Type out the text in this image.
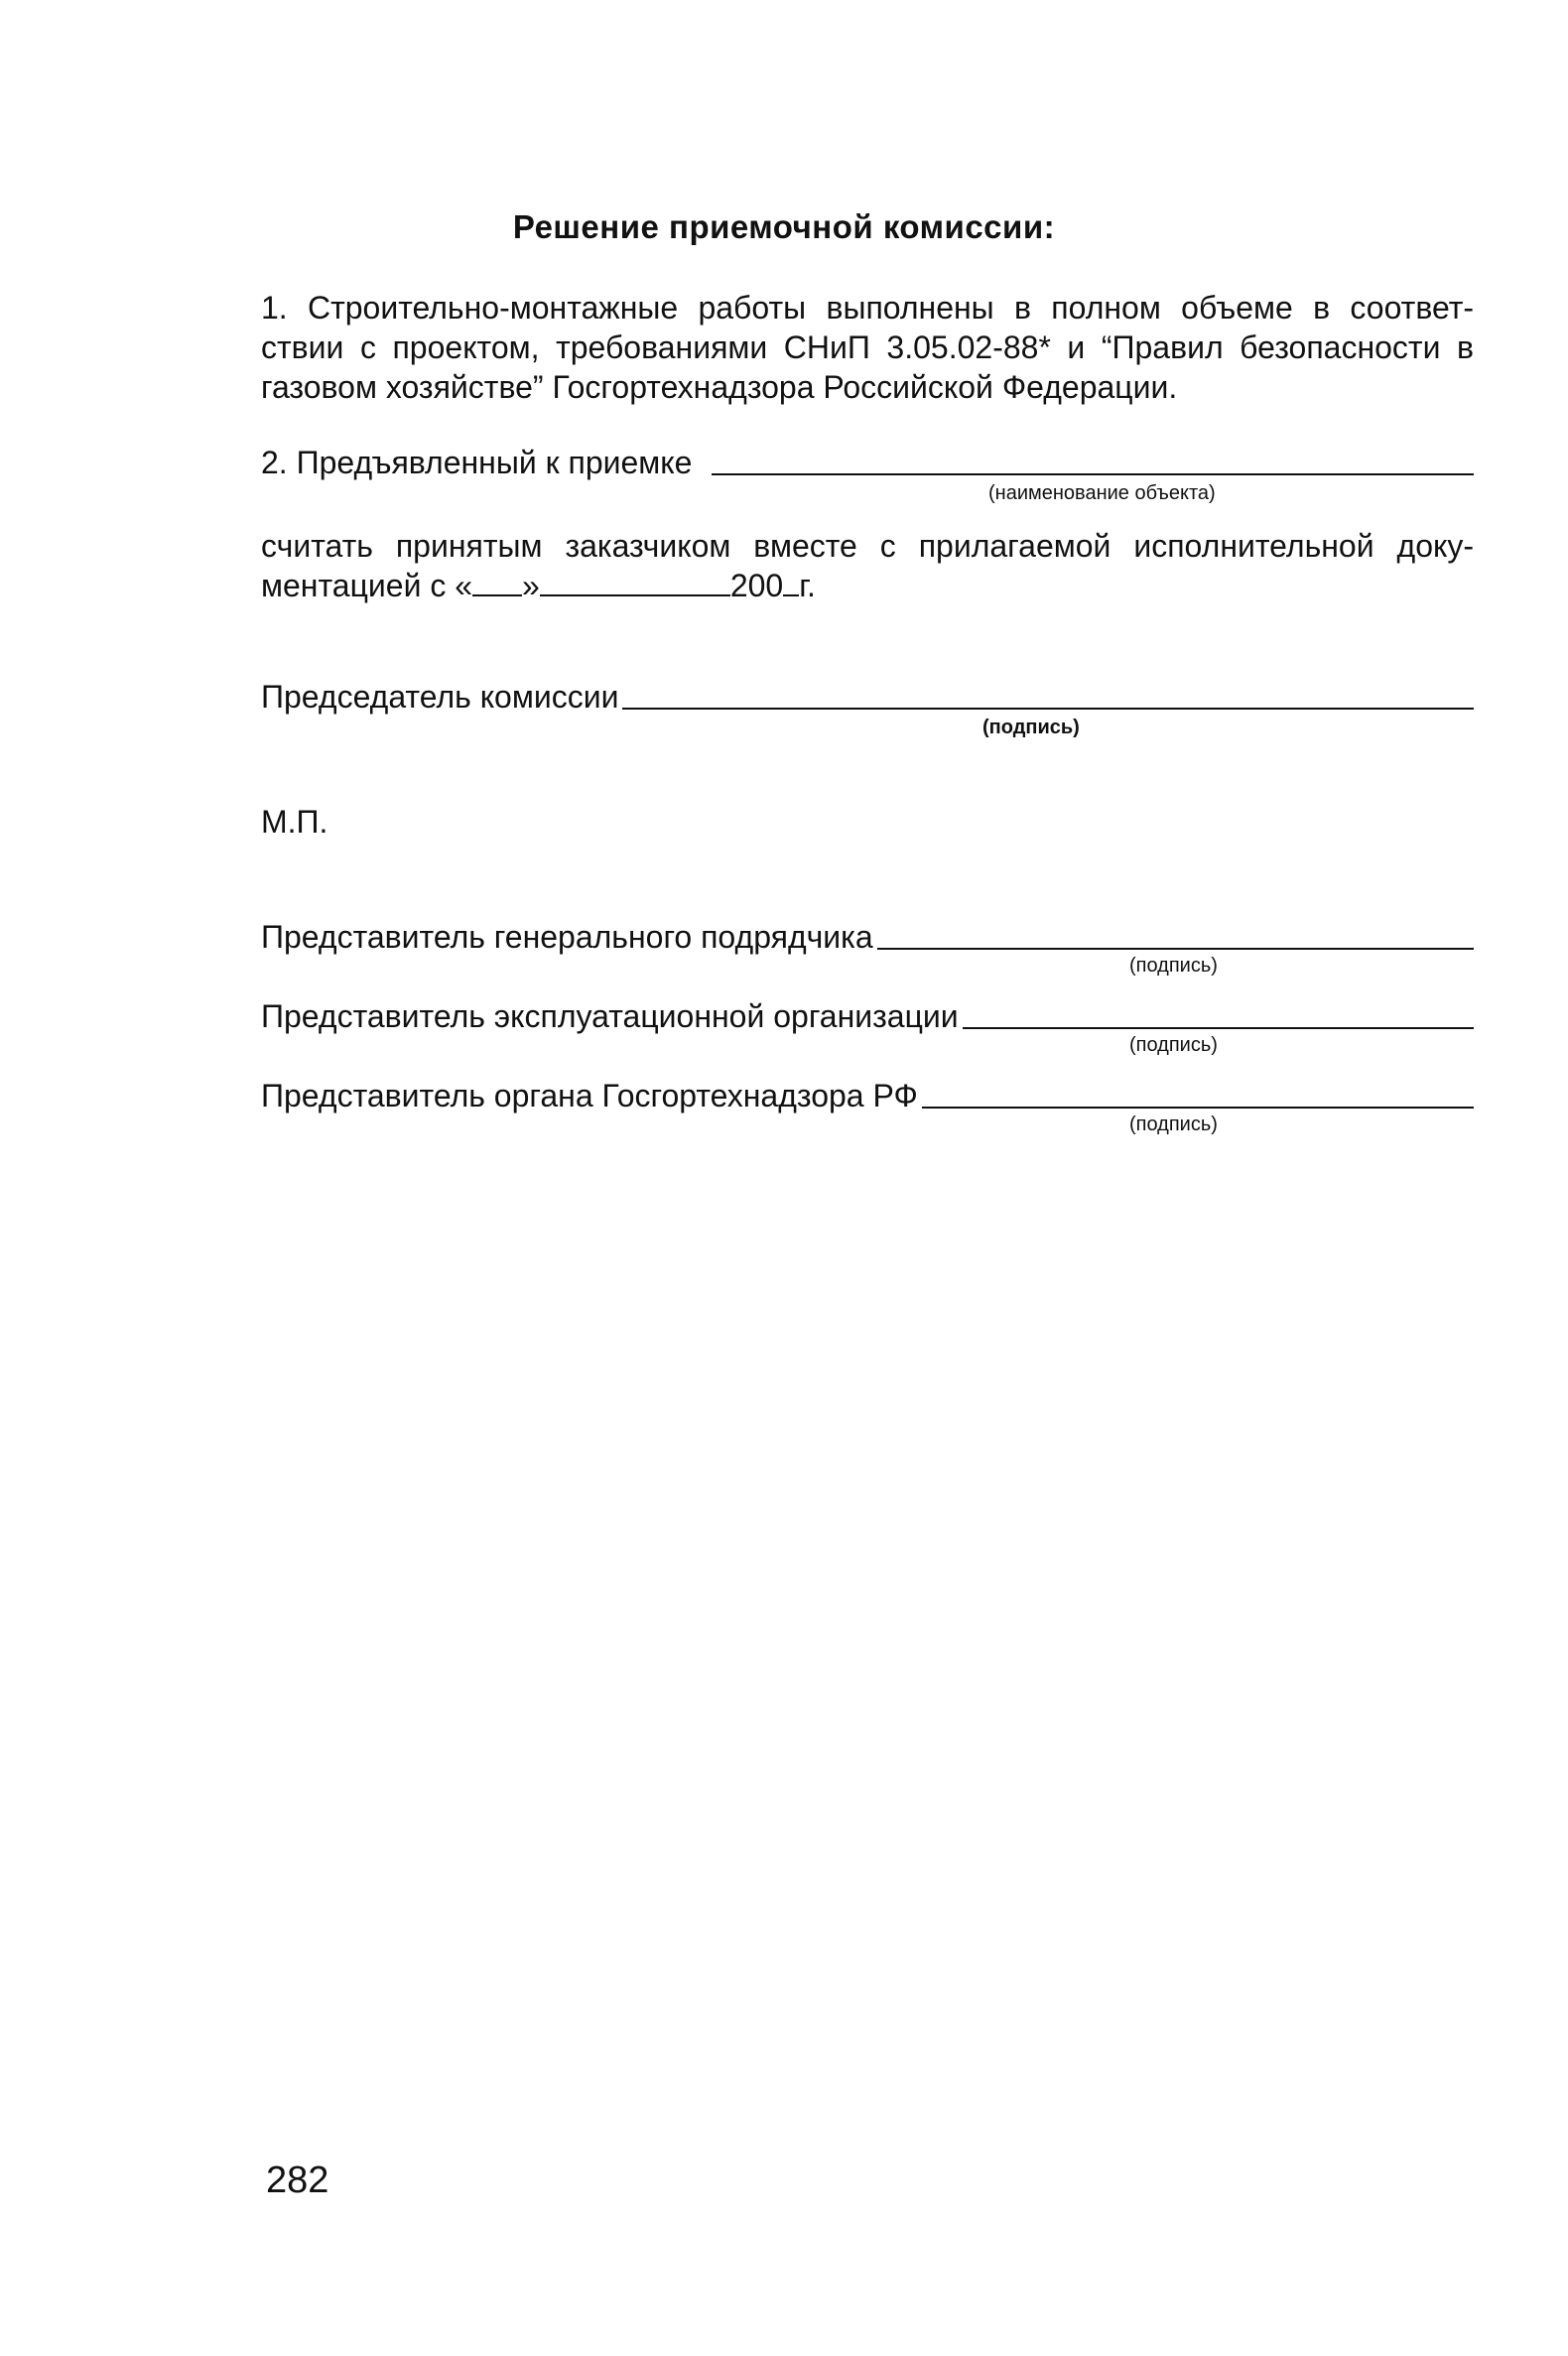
Решение приемочной комиссии:
1. Строительно-монтажные работы выполнены в полном объеме в соответ-
ствии с проектом, требованиями СНиП 3.05.02-88* и “Правил безопасности в
газовом хозяйстве” Госгортехнадзора Российской Федерации.
2. Предъявленный к приемке
(наименование объекта)
считать принятым заказчиком вместе с прилагаемой исполнительной доку-
ментацией с « »	200 г.
Председатель комиссии
(подпись)
М.П.
Представитель генерального подрядчика
(подпись)
Представитель эксплуатационной организации
(подпись)
Представитель органа Госгортехнадзора РФ
(подпись)
282
